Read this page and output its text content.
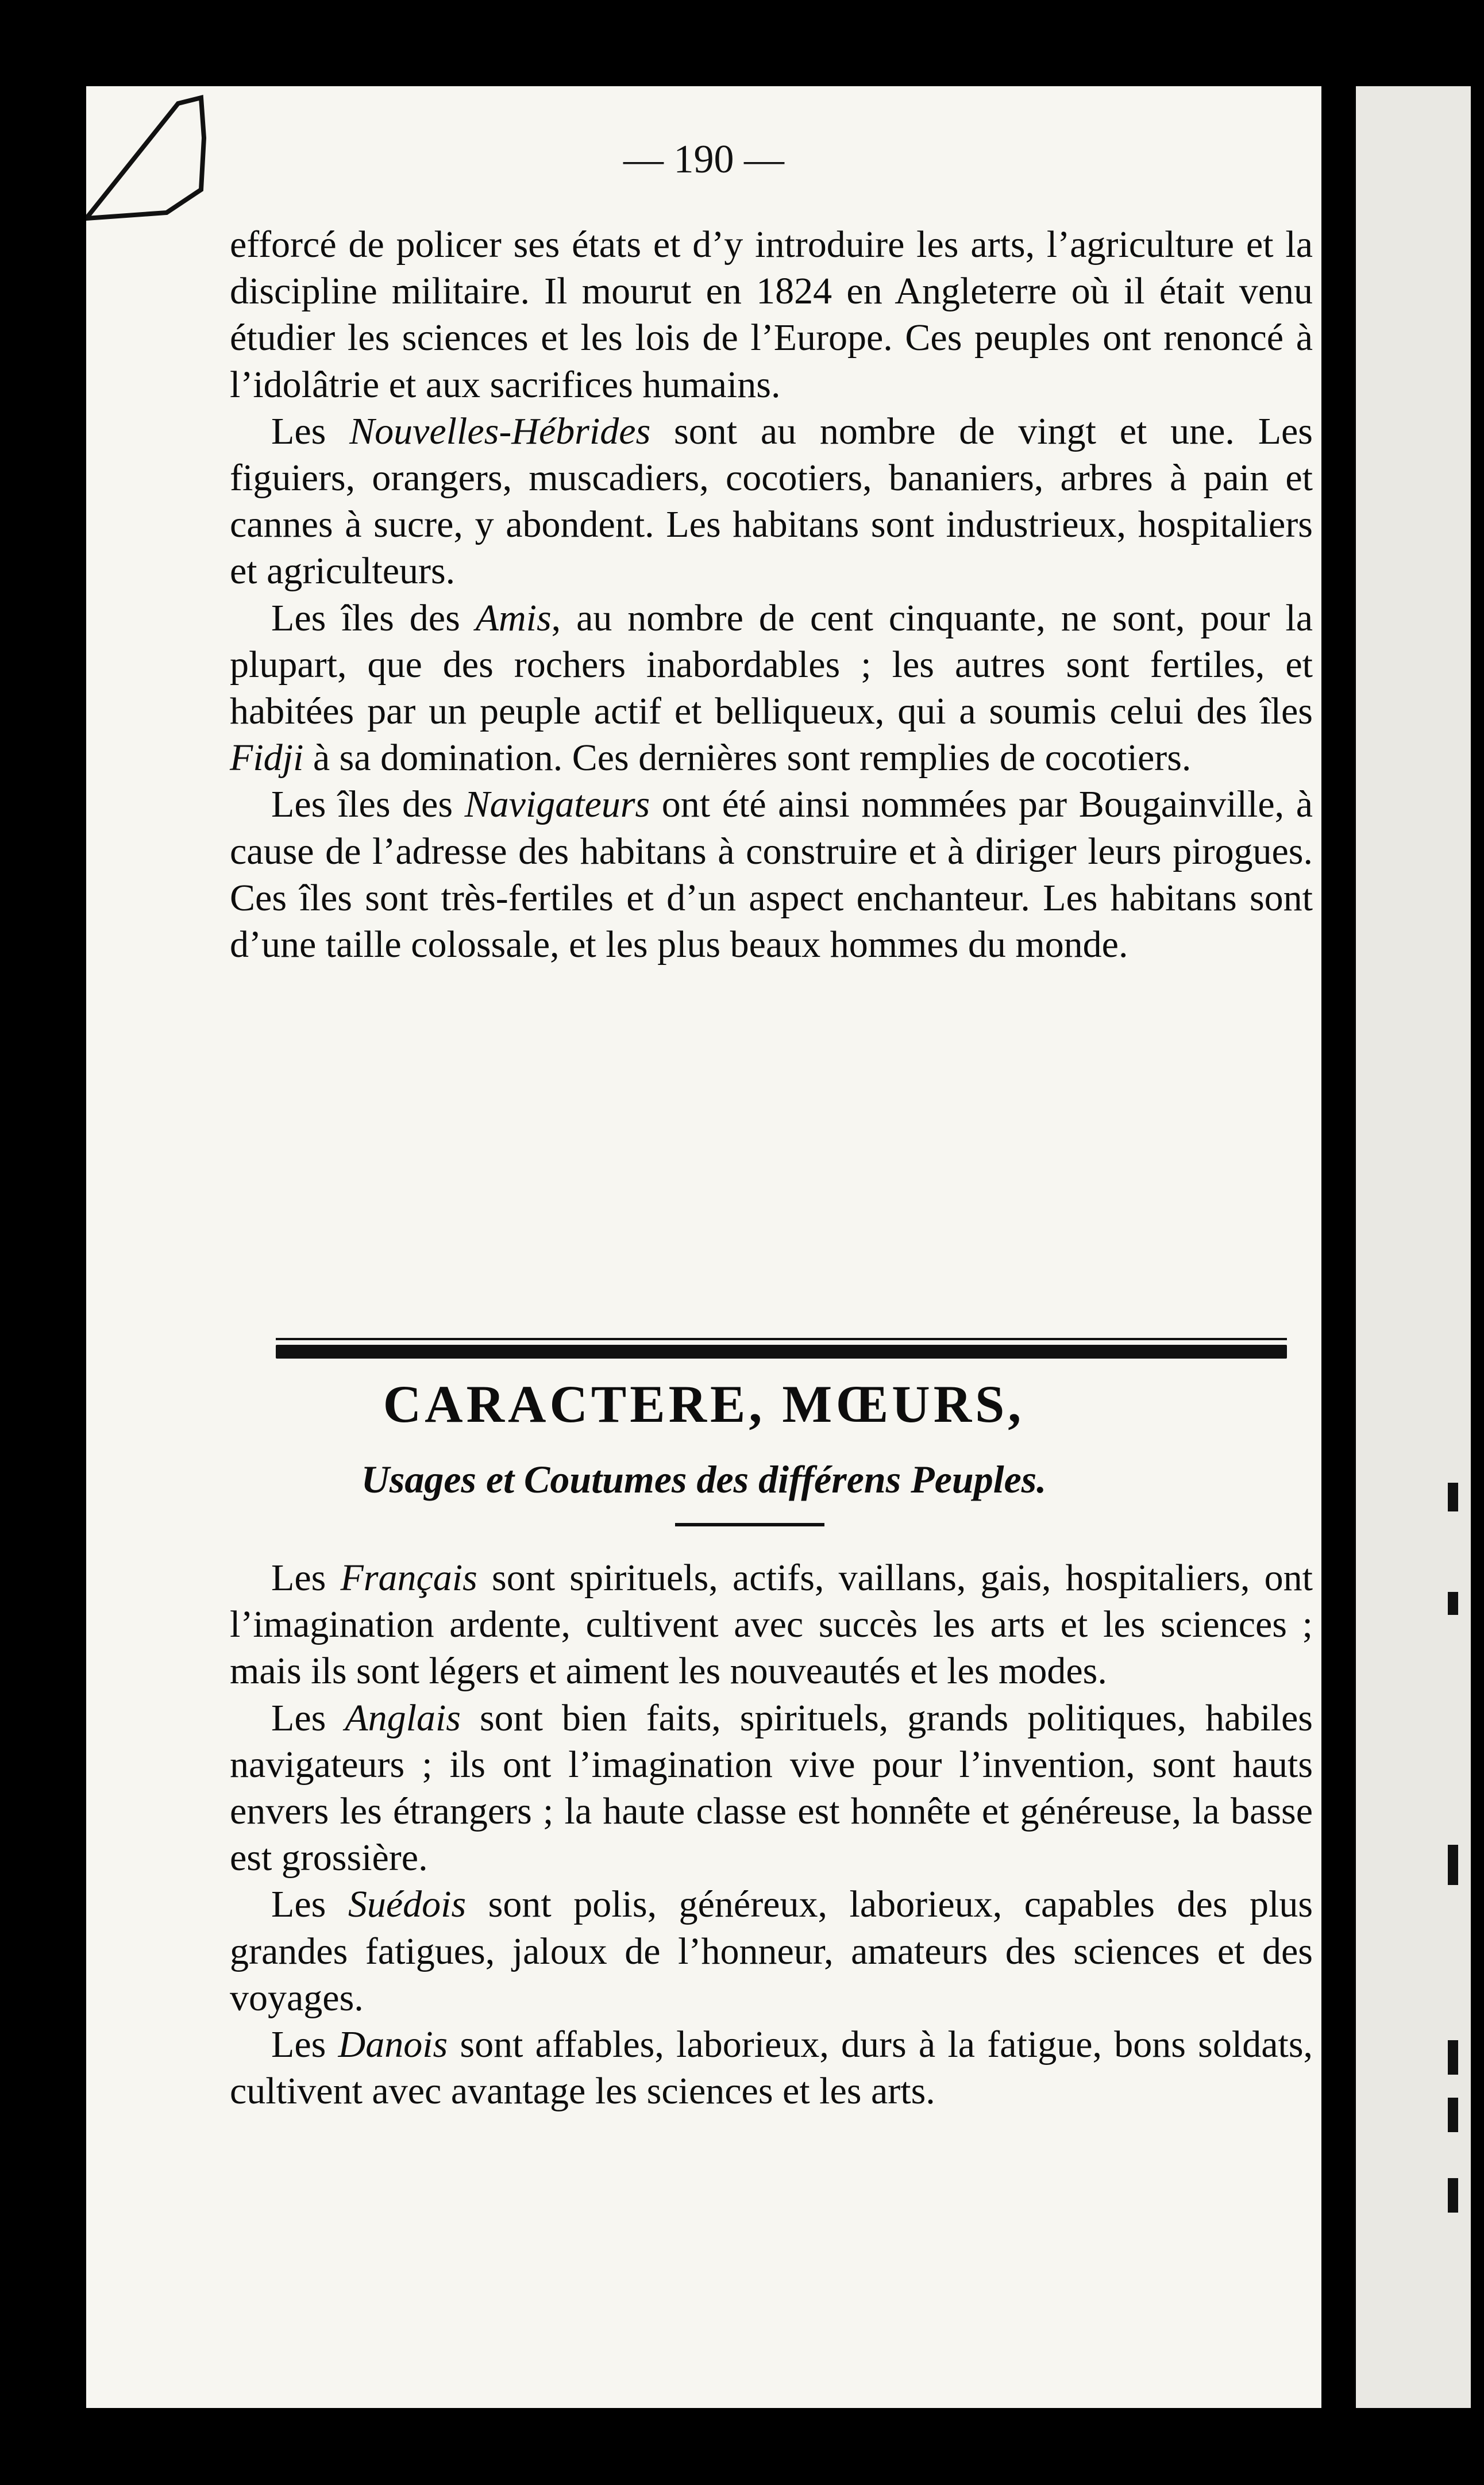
— 190 —

efforcé de policer ses états et d’y introduire les arts, l’agriculture et la discipline militaire. Il mourut en 1824 en Angleterre où il était venu étudier les sciences et les lois de l’Europe. Ces peuples ont renoncé à l’idolâtrie et aux sacrifices humains.

Les Nouvelles-Hébrides sont au nombre de vingt et une. Les figuiers, orangers, muscadiers, cocotiers, bananiers, arbres à pain et cannes à sucre, y abondent. Les habitans sont industrieux, hospitaliers et agriculteurs.

Les îles des Amis, au nombre de cent cinquante, ne sont, pour la plupart, que des rochers inabordables ; les autres sont fertiles, et habitées par un peuple actif et belliqueux, qui a soumis celui des îles Fidji à sa domination. Ces dernières sont remplies de cocotiers.

Les îles des Navigateurs ont été ainsi nommées par Bougainville, à cause de l’adresse des habitans à construire et à diriger leurs pirogues. Ces îles sont très-fertiles et d’un aspect enchanteur. Les habitans sont d’une taille colossale, et les plus beaux hommes du monde.

CARACTERE, MŒURS,
Usages et Coutumes des différens Peuples.

Les Français sont spirituels, actifs, vaillans, gais, hospitaliers, ont l’imagination ardente, cultivent avec succès les arts et les sciences ; mais ils sont légers et aiment les nouveautés et les modes.

Les Anglais sont bien faits, spirituels, grands politiques, habiles navigateurs ; ils ont l’imagination vive pour l’invention, sont hauts envers les étrangers ; la haute classe est honnête et généreuse, la basse est grossière.

Les Suédois sont polis, généreux, laborieux, capables des plus grandes fatigues, jaloux de l’honneur, amateurs des sciences et des voyages.

Les Danois sont affables, laborieux, durs à la fatigue, bons soldats, cultivent avec avantage les sciences et les arts.
